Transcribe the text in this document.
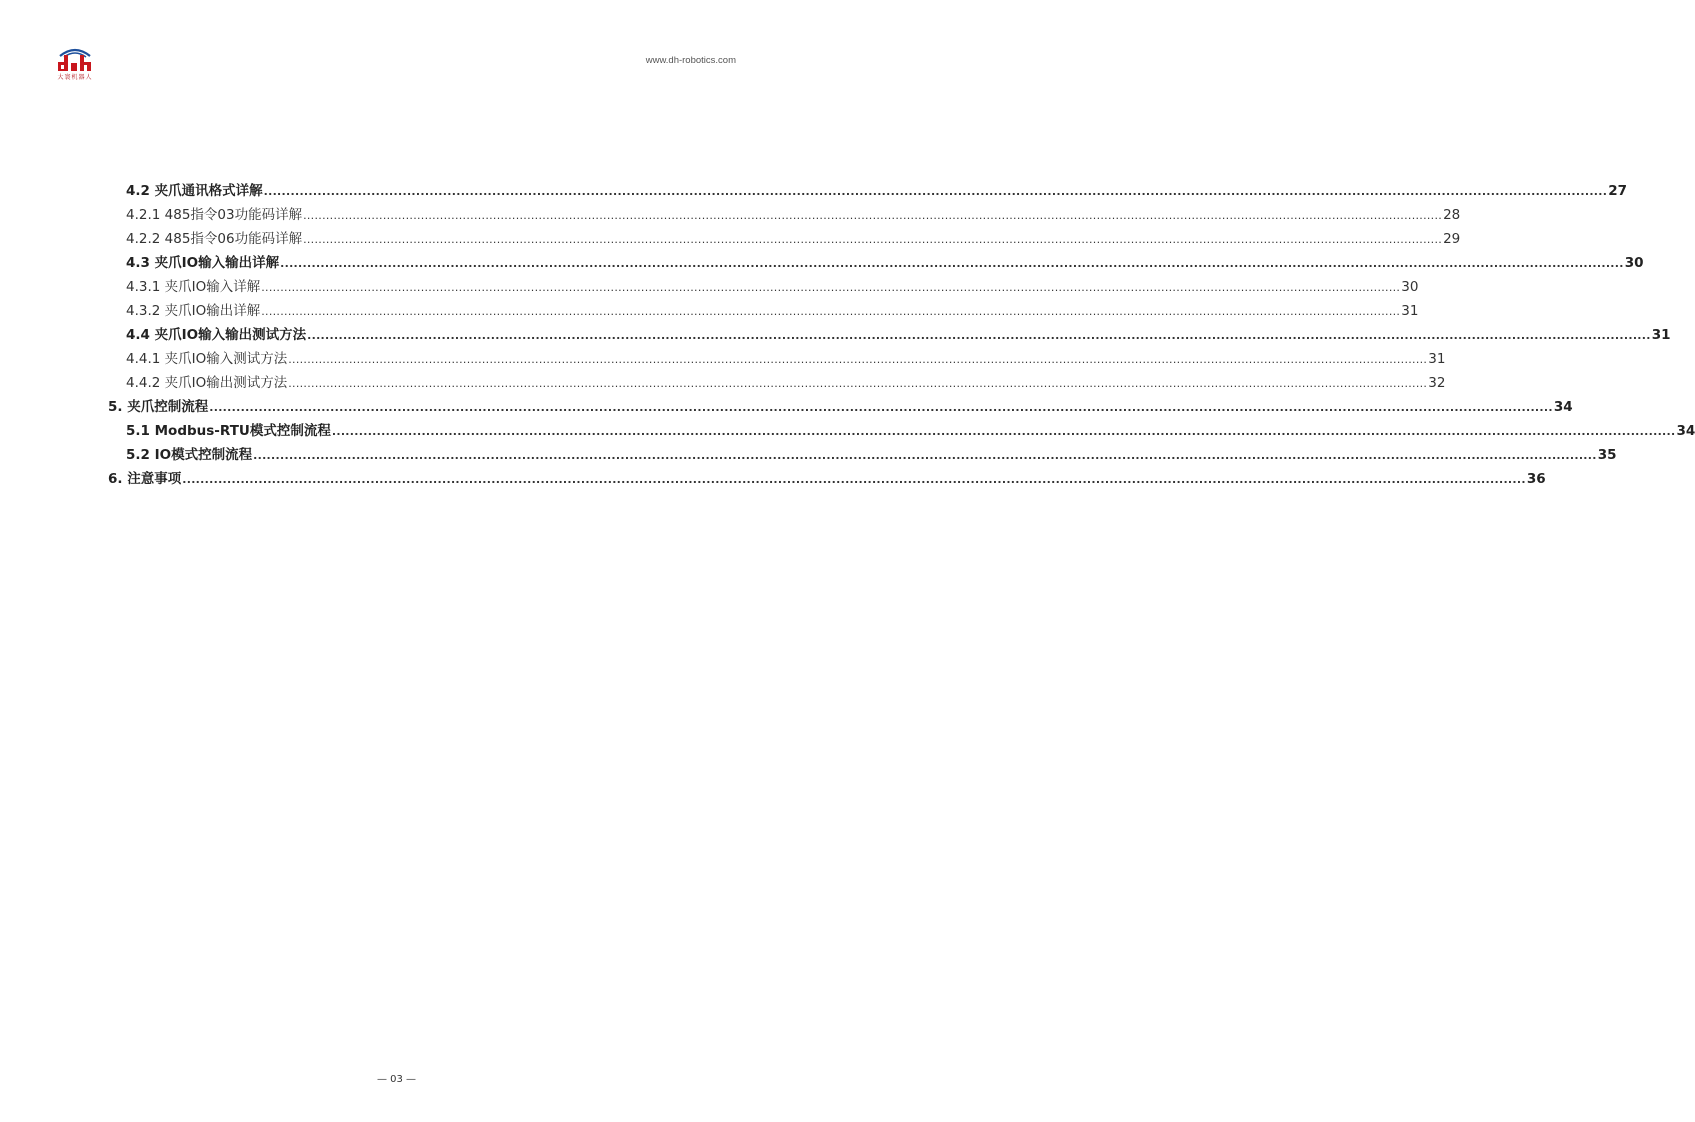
大寰机器人
www.dh-robotics.com
4.2 夹爪通讯格式详解 ............................................................................................................................................................................................................................................................................................................ 27
4.2.1 485指令03功能码详解 ............................................................................................................................................................................................................................................................................................................ 28
4.2.2 485指令06功能码详解 ............................................................................................................................................................................................................................................................................................................ 29
4.3 夹爪IO输入输出详解 ............................................................................................................................................................................................................................................................................................................ 30
4.3.1 夹爪IO输入详解 ............................................................................................................................................................................................................................................................................................................ 30
4.3.2 夹爪IO输出详解 ............................................................................................................................................................................................................................................................................................................ 31
4.4 夹爪IO输入输出测试方法 ............................................................................................................................................................................................................................................................................................................ 31
4.4.1 夹爪IO输入测试方法 ............................................................................................................................................................................................................................................................................................................ 31
4.4.2 夹爪IO输出测试方法 ............................................................................................................................................................................................................................................................................................................ 32
5. 夹爪控制流程 ............................................................................................................................................................................................................................................................................................................ 34
5.1 Modbus-RTU模式控制流程 ............................................................................................................................................................................................................................................................................................................ 34
5.2 IO模式控制流程 ............................................................................................................................................................................................................................................................................................................ 35
6. 注意事项 ............................................................................................................................................................................................................................................................................................................ 36
— 03 —
